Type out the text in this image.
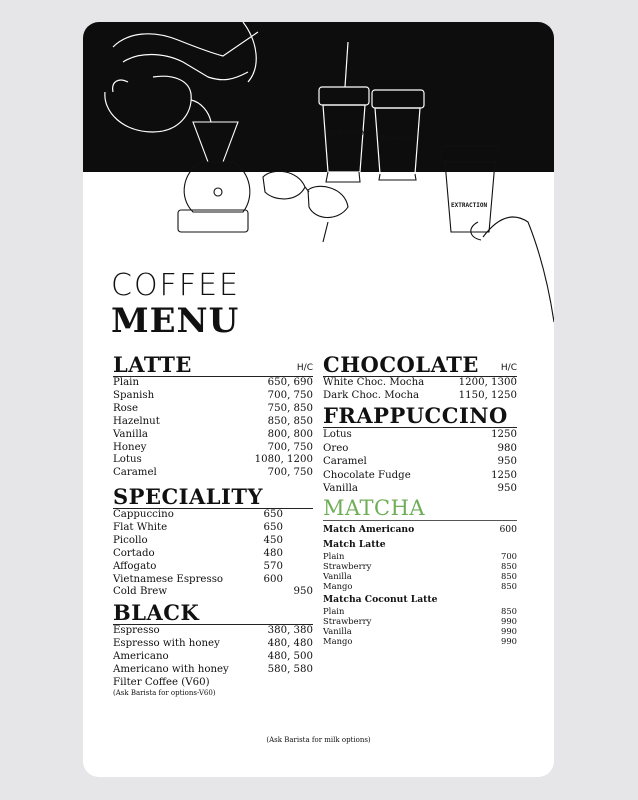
EXTRACTION
EXTRACTION
EXTRACTION
COFFEE
MENU
LATTE	H/C
Plain	650, 690
Spanish	700, 750
Rose	750, 850
Hazelnut	850, 850
Vanilla	800, 800
Honey	700, 750
Lotus	1080, 1200
Caramel	700, 750
SPECIALITY
Cappuccino	650
Flat White	650
Picollo	450
Cortado	480
Affogato	570
Vietnamese Espresso	600
Cold Brew	950
BLACK
Espresso	380, 380
Espresso with honey	480, 480
Americano	480, 500
Americano with honey	580, 580
Filter Coffee (V60)
(Ask Barista for options-V60)
CHOCOLATE H/C
White Choc. Mocha	1200, 1300
Dark Choc. Mocha	1150, 1250
FRAPPUCCINO
Lotus	1250
Oreo	980
Caramel	950
Chocolate Fudge	1250
Vanilla	950
MATCHA
Match Americano	600
Match Latte
Plain	700
Strawberry	850
Vanilla	850
Mango	850
Matcha Coconut Latte
Plain	850
Strawberry	990
Vanilla	990
Mango	990
(Ask Barista for milk options)
